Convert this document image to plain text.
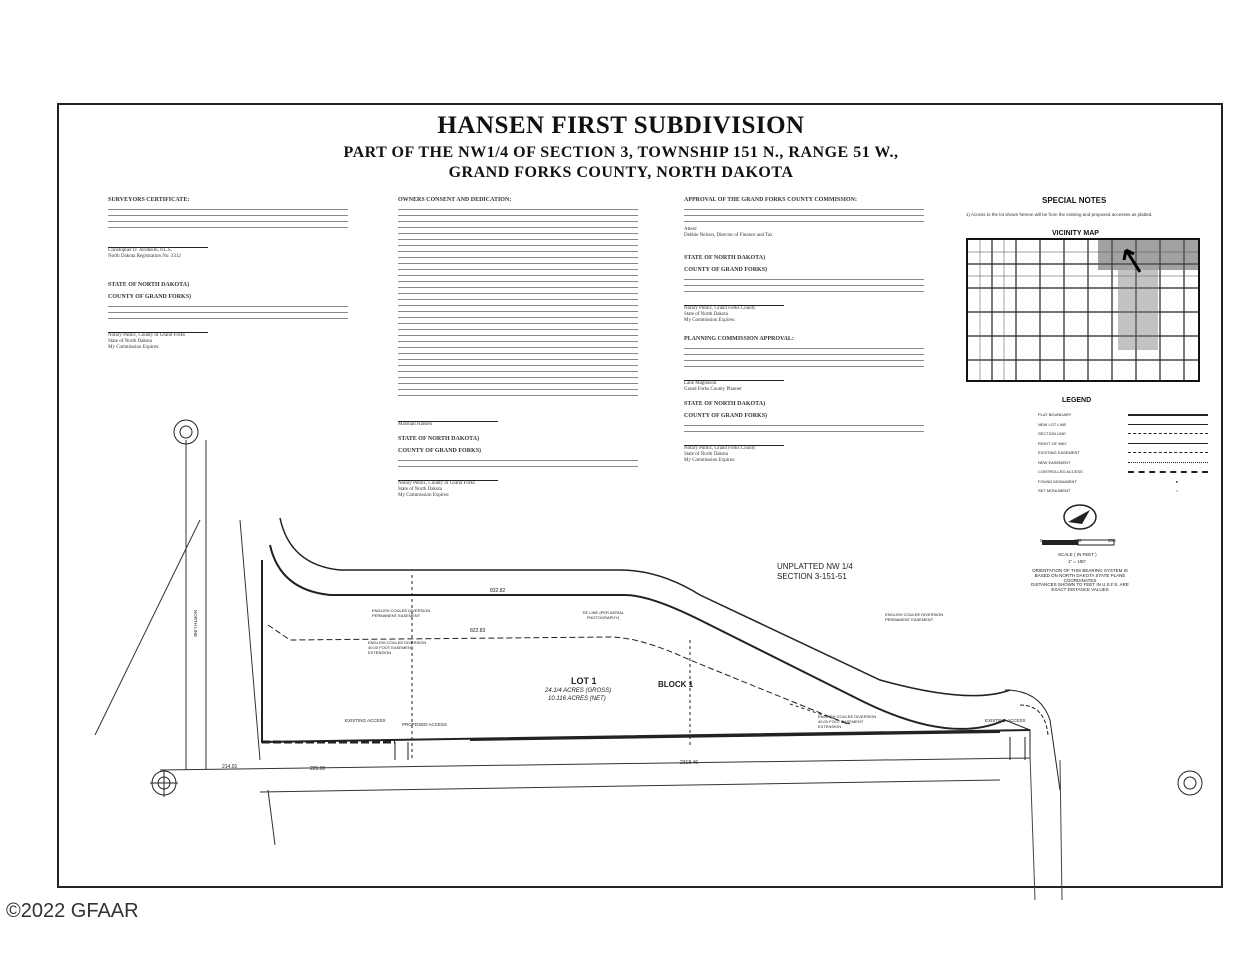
HANSEN FIRST SUBDIVISION
PART OF THE NW1/4 OF SECTION 3, TOWNSHIP 151 N., RANGE 51 W.,
GRAND FORKS COUNTY, NORTH DAKOTA
SURVEYORS CERTIFICATE:
Christopher D. Jordheim, P.L.S.
North Dakota Registration No. 3312
STATE OF NORTH DAKOTA)
COUNTY OF GRAND FORKS)
Notary Public, County of Grand Forks
State of North Dakota
My Commission Expires:
OWNERS CONSENT AND DEDICATION:
Marshall Hansen
STATE OF NORTH DAKOTA)
COUNTY OF GRAND FORKS)
Notary Public, County of Grand Forks
State of North Dakota
My Commission Expires:
APPROVAL OF THE GRAND FORKS COUNTY COMMISSION:
Attest:
Debbie Nelson, Director of Finance and Tax
STATE OF NORTH DAKOTA)
COUNTY OF GRAND FORKS)
Notary Public, Grand Forks County
State of North Dakota
My Commission Expires:
PLANNING COMMISSION APPROVAL:
Lane Magnuson
Grand Forks County Planner
STATE OF NORTH DAKOTA)
COUNTY OF GRAND FORKS)
Notary Public, Grand Forks County
State of North Dakota
My Commission Expires:
SPECIAL NOTES
1) Access to the lot shown hereon will be from the existing and proposed accesses as platted.
VICINITY MAP
LEGEND
PLAT BOUNDARY
NEW LOT LINE
SECTION LINE
RIGHT OF WAY
EXISTING EASEMENT
NEW EASEMENT
CONTROLLED ACCESS
FOUND MONUMENT	●
SET MONUMENT	○
0	100	200
SCALE ( IN FEET )
1" = 100'
ORIENTATION OF THIS BEARING SYSTEM IS BASED ON NORTH DAKOTA STATE PLANE COORDINATES
DISTANCES SHOWN TO FEET IN U.S.F.S. ARE EXACT DISTANCE VALUES
UNPLATTED NW 1/4
SECTION 3-151-51
LOT 1
24.1/4 ACRES (GROSS)
10.116 ACRES (NET)
BLOCK 1
ENGLISH COULEE DIVERSION PERMANENT EASEMENT	ENGLISH COULEE DIVERSION PERMANENT EASEMENT
ENGLISH COULEE DIVERSION 40.00 FOOT EASEMENT EXTENSION
ENGLISH COULEE DIVERSION 40.00 FOOT EASEMENT EXTENSION
TIE LINE (PER AERIAL PHOTOGRAPHY)
EXISTING ACCESS	EXISTING ACCESS
PROPOSED ACCESS
NORTH LINE
2318.46
214.01	225.00
832.82
822.83
©2022 GFAAR
